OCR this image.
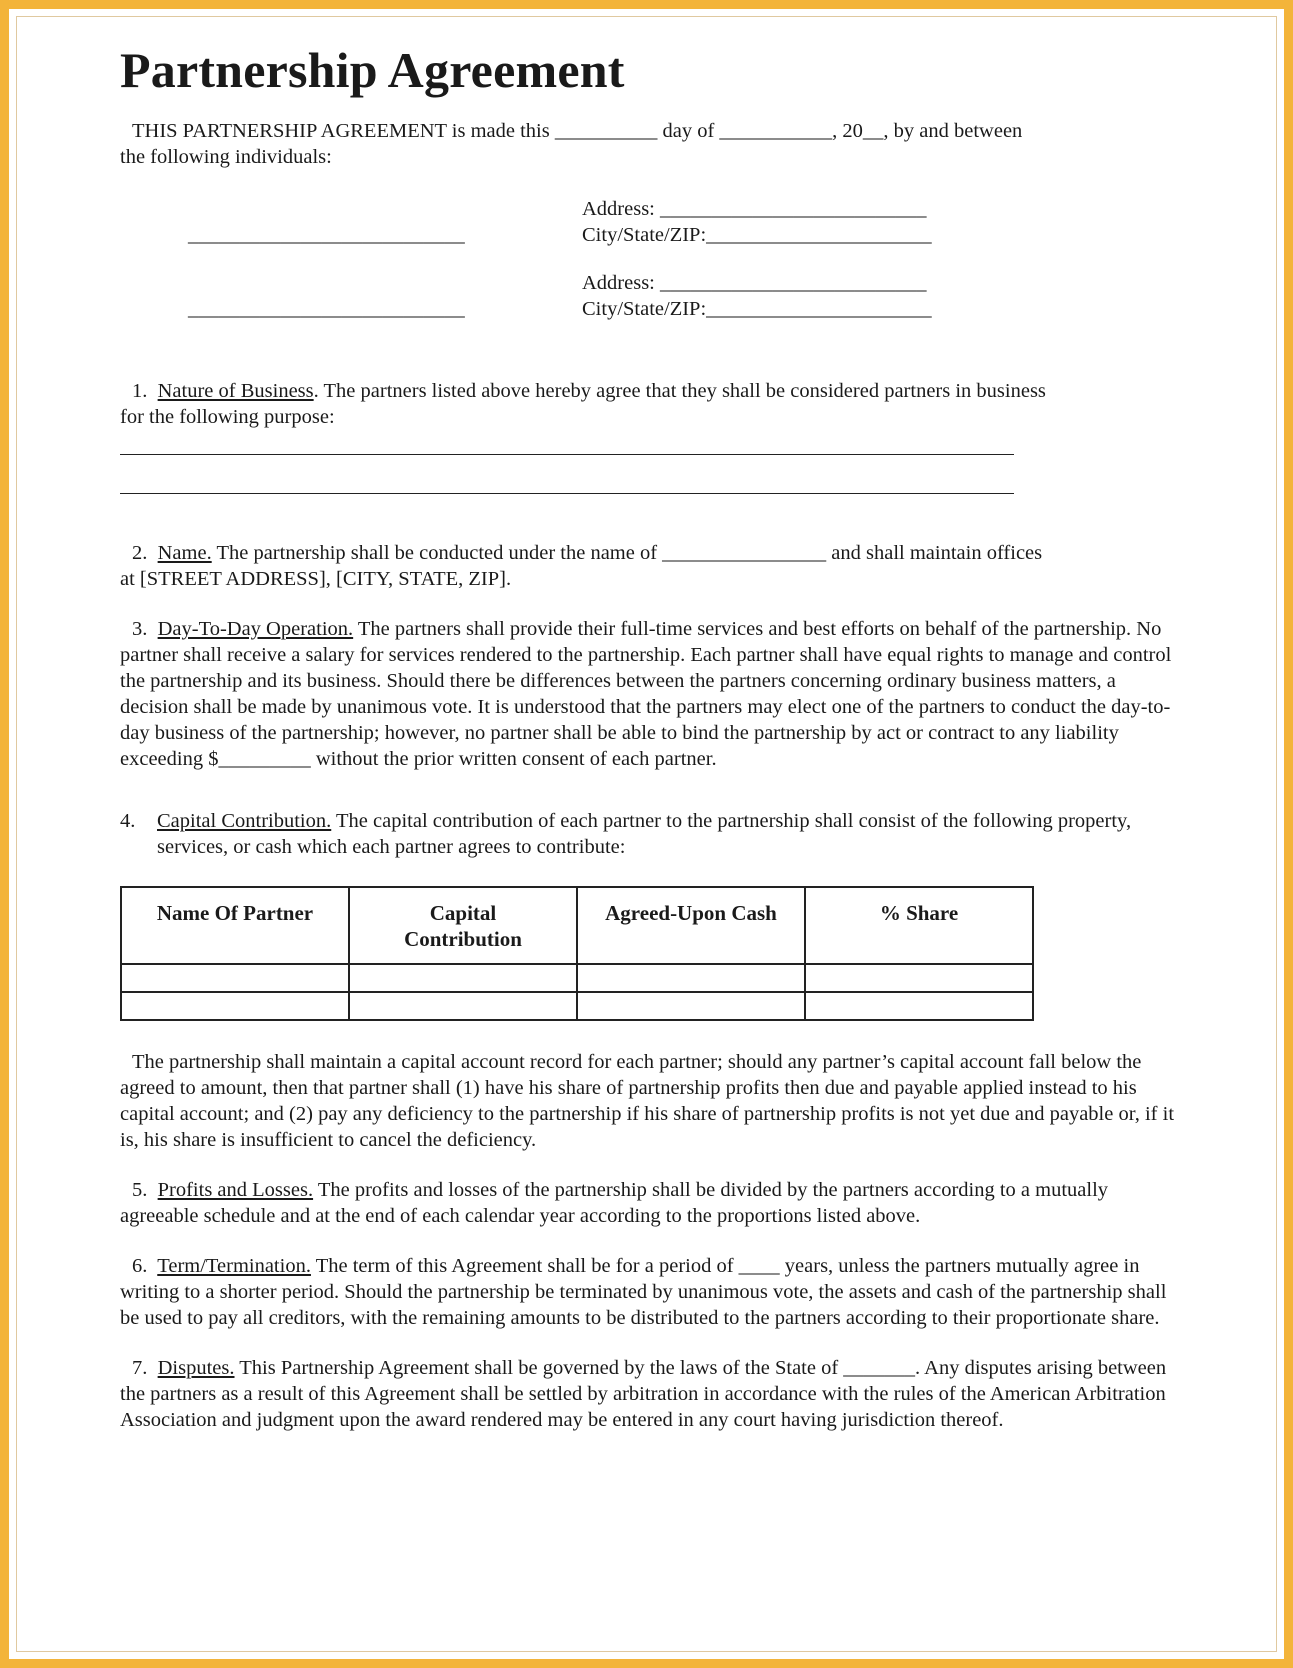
Partnership Agreement

THIS PARTNERSHIP AGREEMENT is made this __________ day of ___________, 20__, by and between

the following individuals:

Address: __________________________
___________________________	City/State/ZIP:______________________
Address: __________________________
___________________________	City/State/ZIP:______________________

1. Nature of Business. The partners listed above hereby agree that they shall be considered partners in business

for the following purpose:

2. Name. The partnership shall be conducted under the name of ________________ and shall maintain offices

at [STREET ADDRESS], [CITY, STATE, ZIP].

3. Day-To-Day Operation. The partners shall provide their full-time services and best efforts on behalf of the partnership. No partner shall receive a salary for services rendered to the partnership. Each partner shall have equal rights to manage and control the partnership and its business. Should there be differences between the partners concerning ordinary business matters, a decision shall be made by unanimous vote. It is understood that the partners may elect one of the partners to conduct the day-to-day business of the partnership; however, no partner shall be able to bind the partnership by act or contract to any liability exceeding $_________ without the prior written consent of each partner.

4. Capital Contribution. The capital contribution of each partner to the partnership shall consist of the following property, services, or cash which each partner agrees to contribute:
Name Of Partner	Capital Contribution	Agreed-Upon Cash	% Share

The partnership shall maintain a capital account record for each partner; should any partner’s capital account fall below the agreed to amount, then that partner shall (1) have his share of partnership profits then due and payable applied instead to his capital account; and (2) pay any deficiency to the partnership if his share of partnership profits is not yet due and payable or, if it is, his share is insufficient to cancel the deficiency.

5. Profits and Losses. The profits and losses of the partnership shall be divided by the partners according to a mutually agreeable schedule and at the end of each calendar year according to the proportions listed above.

6. Term/Termination. The term of this Agreement shall be for a period of ____ years, unless the partners mutually agree in writing to a shorter period. Should the partnership be terminated by unanimous vote, the assets and cash of the partnership shall be used to pay all creditors, with the remaining amounts to be distributed to the partners according to their proportionate share.

7. Disputes. This Partnership Agreement shall be governed by the laws of the State of _______. Any disputes arising between the partners as a result of this Agreement shall be settled by arbitration in accordance with the rules of the American Arbitration Association and judgment upon the award rendered may be entered in any court having jurisdiction thereof.
